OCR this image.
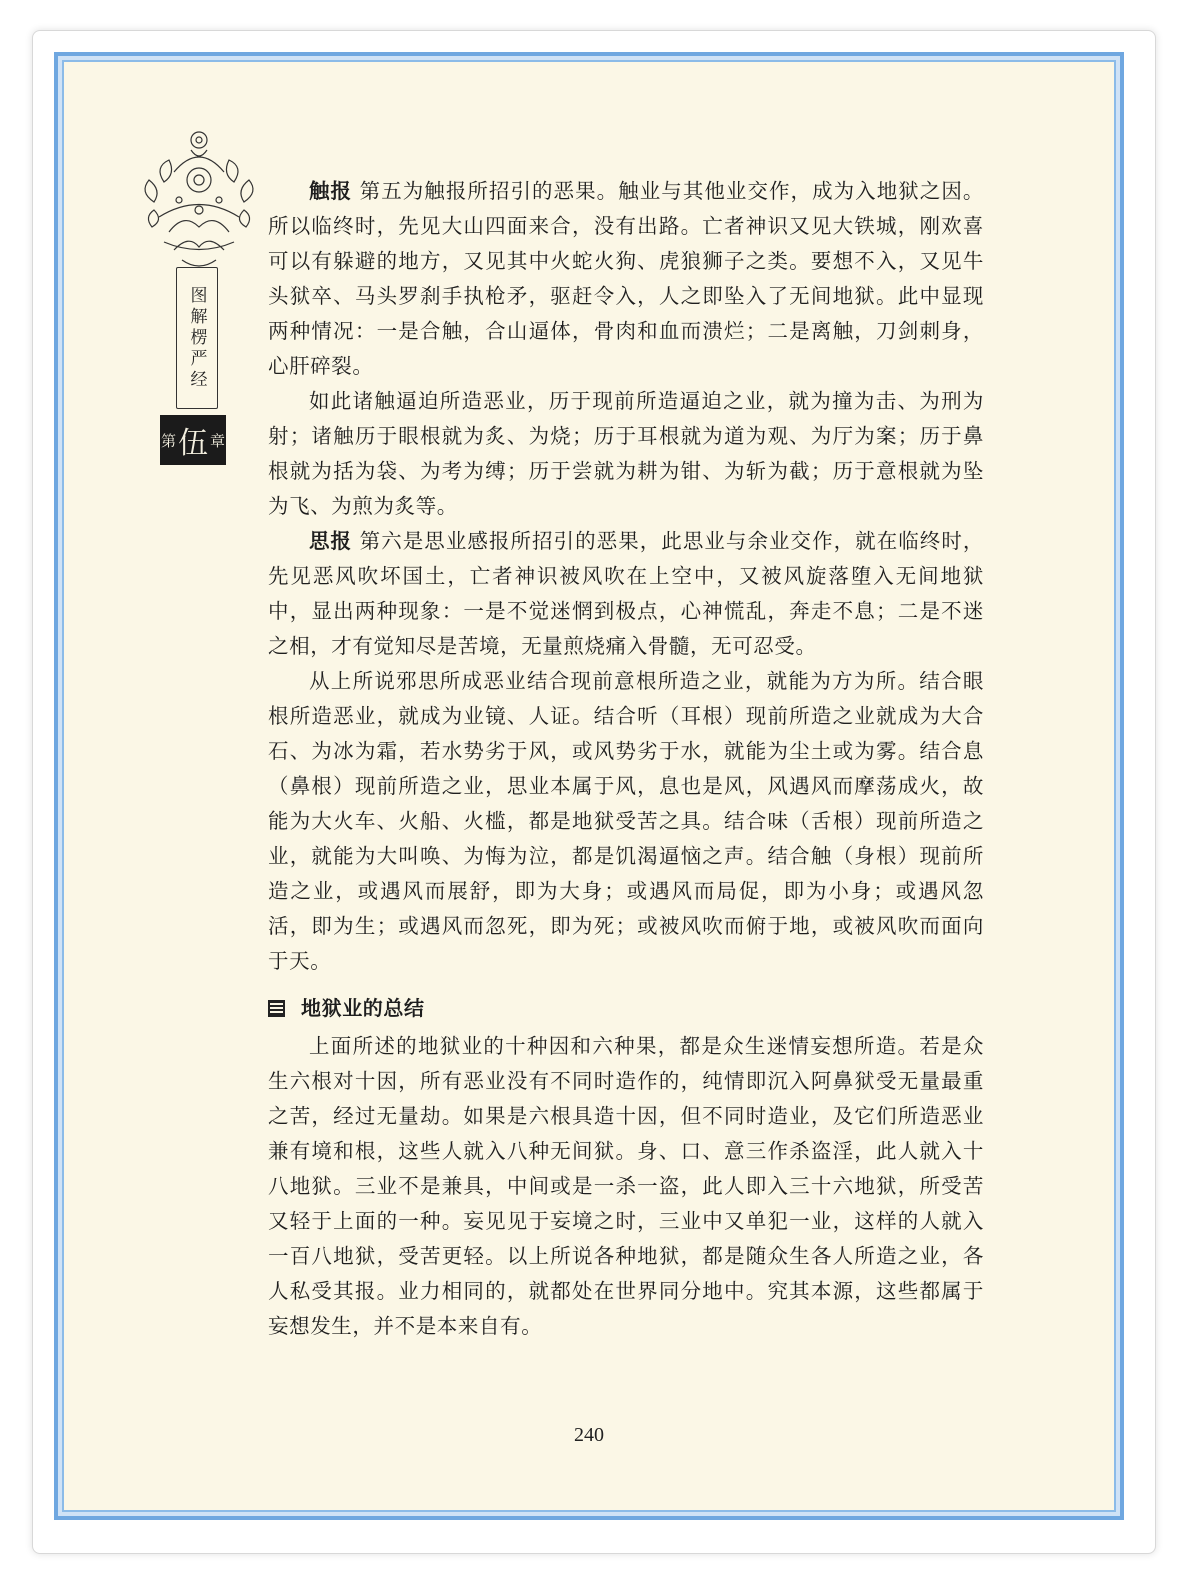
图解楞严经
第 伍 章

触报 第五为触报所招引的恶果。触业与其他业交作，成为入地狱之因。所以临终时，先见大山四面来合，没有出路。亡者神识又见大铁城，刚欢喜可以有躲避的地方，又见其中火蛇火狗、虎狼狮子之类。要想不入，又见牛头狱卒、马头罗刹手执枪矛，驱赶令入，人之即坠入了无间地狱。此中显现两种情况：一是合触，合山逼体，骨肉和血而溃烂；二是离触，刀剑刺身，心肝碎裂。

如此诸触逼迫所造恶业，历于现前所造逼迫之业，就为撞为击、为刑为射；诸触历于眼根就为炙、为烧；历于耳根就为道为观、为厅为案；历于鼻根就为括为袋、为考为缚；历于尝就为耕为钳、为斩为截；历于意根就为坠为飞、为煎为炙等。

思报 第六是思业感报所招引的恶果，此思业与余业交作，就在临终时，先见恶风吹坏国土，亡者神识被风吹在上空中，又被风旋落堕入无间地狱中，显出两种现象：一是不觉迷惘到极点，心神慌乱，奔走不息；二是不迷之相，才有觉知尽是苦境，无量煎烧痛入骨髓，无可忍受。

从上所说邪思所成恶业结合现前意根所造之业，就能为方为所。结合眼根所造恶业，就成为业镜、人证。结合听（耳根）现前所造之业就成为大合石、为冰为霜，若水势劣于风，或风势劣于水，就能为尘土或为雾。结合息（鼻根）现前所造之业，思业本属于风，息也是风，风遇风而摩荡成火，故能为大火车、火船、火槛，都是地狱受苦之具。结合味（舌根）现前所造之业，就能为大叫唤、为悔为泣，都是饥渴逼恼之声。结合触（身根）现前所造之业，或遇风而展舒，即为大身；或遇风而局促，即为小身；或遇风忽活，即为生；或遇风而忽死，即为死；或被风吹而俯于地，或被风吹而面向于天。

地狱业的总结

上面所述的地狱业的十种因和六种果，都是众生迷情妄想所造。若是众生六根对十因，所有恶业没有不同时造作的，纯情即沉入阿鼻狱受无量最重之苦，经过无量劫。如果是六根具造十因，但不同时造业，及它们所造恶业兼有境和根，这些人就入八种无间狱。身、口、意三作杀盗淫，此人就入十八地狱。三业不是兼具，中间或是一杀一盗，此人即入三十六地狱，所受苦又轻于上面的一种。妄见见于妄境之时，三业中又单犯一业，这样的人就入一百八地狱，受苦更轻。以上所说各种地狱，都是随众生各人所造之业，各人私受其报。业力相同的，就都处在世界同分地中。究其本源，这些都属于妄想发生，并不是本来自有。

240
